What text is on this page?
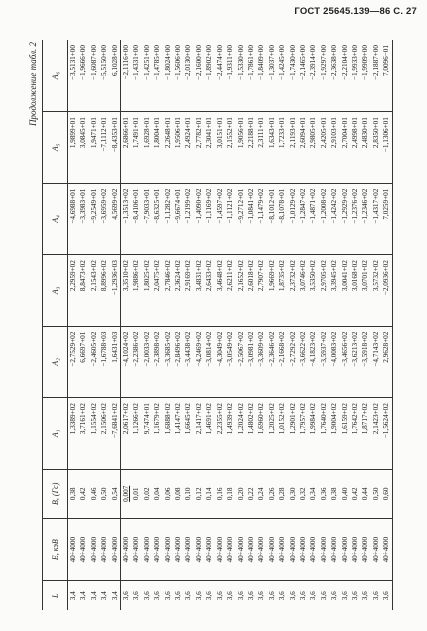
ГОСТ 25645.139—86 С. 27
Продолжение табл. 2
L	E, кэВ	B, (Гс)	A₁	A₂	A₃	A₄	A₅	A₆
3,4	40÷4000	0,38	1,3389+02	−2,7529+02	2,2959+02	−4,6988+01	1,9899+01	−3,5131+00
3,4	40÷4000	0,42	3,7161+02	6,6697+01	8,8473+02	−3,3983+01	3,0845+01	−1,9666+00
3,4	40÷4000	0,46	1,1554+02	−2,4605+02	2,1543+02	−9,2549+01	1,9471+01	−1,6087+00
3,4	40÷4000	0,50	2,1506+02	−1,6788+03	8,8996+02	−3,6959+02	−7,1112+01	−5,5150+00
3,4	40÷4000	0,54	−7,6841+02	1,6431+03	−1,2936+03	4,5699+02	−8,4353+01	6,1028+00
3,6	40÷4000	0,007	2,0617+02	−4,1024+02	3,3510+02	−1,3513+02	2,6866+01	−2,1116+00
3,6	40÷4000	0,01	1,1266+02	−2,2386+02	1,9886+02	−8,4106+01	1,7491+01	−1,4331+00
3,6	40÷4000	0,02	9,7474+01	−2,0033+02	1,8025+02	−7,9033+01	1,6928+01	−1,4251+00
3,6	40÷4000	0,04	1,1679+02	−2,3898+02	2,0475+02	−8,6325+01	1,8004+01	−1,4785+00
3,6	40÷4000	0,06	1,6888+02	−3,3685+02	2,7846+02	−1,1282+02	2,2648+01	−1,8024+00
3,6	40÷4000	0,08	1,4147+02	−2,8496+02	2,3624+02	−9,6674+01	1,9506+01	−1,5606+00
3,6	40÷4000	0,10	1,6645+02	−3,4438+02	2,9169+02	−1,2199+02	2,4924+01	−2,0130+00
3,6	40÷4000	0,12	2,1417+02	−4,2469+02	3,4831+02	−1,4090+02	2,7782+01	−2,1600+00
3,6	40÷4000	0,14	1,4691+02	−3,0814+02	2,6433+02	−1,1169+02	2,3041+01	−1,8902+00
3,6	40÷4000	0,16	2,2355+02	−4,3049+02	3,4648+02	−1,4597+02	3,0151+01	−2,4474+00
3,6	40÷4000	0,18	1,4939+02	−3,0549+02	2,6211+02	−1,1121+02	2,1552+01	−1,9311+00
3,6	40÷4000	0,20	1,2024+02	−2,5067+02	2,1652+02	−9,2712+01	1,9056+01	−1,5330+00
3,6	40÷4000	0,22	1,4802+02	−3,0981+02	2,6018+02	−1,0841+02	2,2188+01	−1,7861+00
3,6	40÷4000	0,24	1,6960+02	−3,3609+02	2,7907+02	−1,1479+02	2,3111+01	−1,8409+00
3,6	40÷4000	0,26	1,2025+02	−2,3646+02	1,9669+02	−8,1012+01	1,6343+01	−1,3037+00
3,6	40÷4000	0,28	1,0152+02	−2,1668+02	1,8735+02	−8,1078+01	1,7233+01	−1,4245+00
3,6	40÷4000	0,30	1,2901+02	−2,7292+02	2,3732+02	−1,0129+02	2,1193+01	−1,7430+00
3,6	40÷4000	0,32	1,7957+02	−3,6622+02	3,0746+02	−1,2847+02	2,6094+01	−2,1465+00
3,6	40÷4000	0,34	1,9984+02	−4,1823+02	3,5350+02	−1,4871+02	2,9805+01	−2,3914+00
3,6	40÷4000	0,36	1,7640+02	−3,5937+02	2,9705+02	−1,2008+02	2,4205+01	−1,9297+00
3,6	40÷4000	0,38	1,9004+02	−4,0083+02	3,3945+02	−1,4242+02	2,9103+01	−2,3638+00
3,6	40÷4000	0,40	1,6159+02	−3,4656+02	3,0041+02	−1,2929+02	2,7004+01	−2,2104+00
3,6	40÷4000	0,42	1,7642+02	−3,6213+02	3,0168+02	−1,2376+02	2,4998+01	−1,9933+00
3,6	40÷4000	0,44	1,8717+02	−3,5918+02	3,0701+02	−1,2346+02	2,4830+01	−1,9909+00
3,6	40÷4000	0,50	2,1423+02	−4,7143+02	3,5732+02	−1,4317+02	2,8350+01	−2,1887+00
3,6	40÷4000	0,60	−1,5624+02	2,9628+02	−2,0936+02	7,0259+01	−1,1306+01	7,0096−01
